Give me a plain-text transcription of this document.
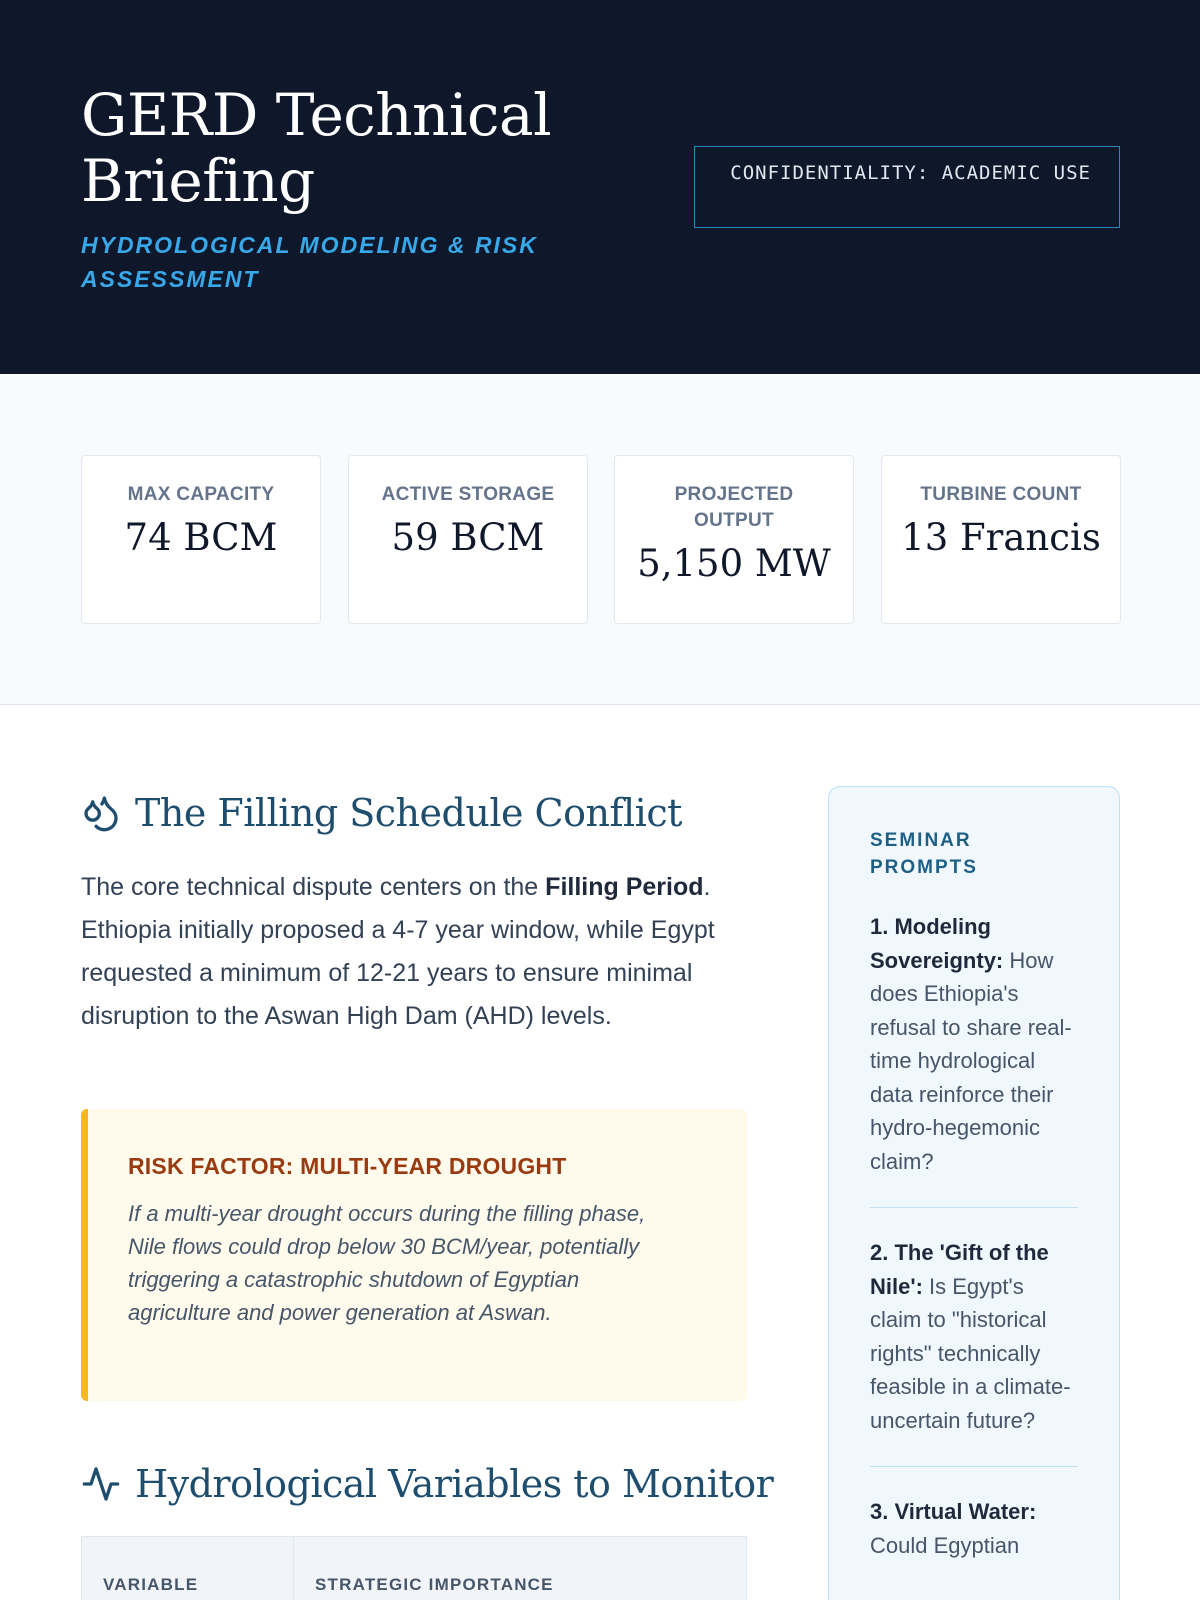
GERD Technical Briefing
HYDROLOGICAL MODELING & RISK ASSESSMENT
CONFIDENTIALITY: ACADEMIC USE
MAX CAPACITY
74 BCM
ACTIVE STORAGE
59 BCM
PROJECTED OUTPUT
5,150 MW
TURBINE COUNT
13 Francis
The Filling Schedule Conflict

The core technical dispute centers on the Filling Period. Ethiopia initially proposed a 4-7 year window, while Egypt requested a minimum of 12-21 years to ensure minimal disruption to the Aswan High Dam (AHD) levels.

RISK FACTOR: MULTI-YEAR DROUGHT
If a multi-year drought occurs during the filling phase, Nile flows could drop below 30 BCM/year, potentially triggering a catastrophic shutdown of Egyptian agriculture and power generation at Aswan.
Hydrological Variables to Monitor
VARIABLE	STRATEGIC IMPORTANCE
SEMINAR PROMPTS

1. Modeling Sovereignty: How does Ethiopia's refusal to share real-time hydrological data reinforce their hydro-hegemonic claim?

2. The 'Gift of the Nile': Is Egypt's claim to "historical rights" technically feasible in a climate-uncertain future?

3. Virtual Water: Could Egyptian
